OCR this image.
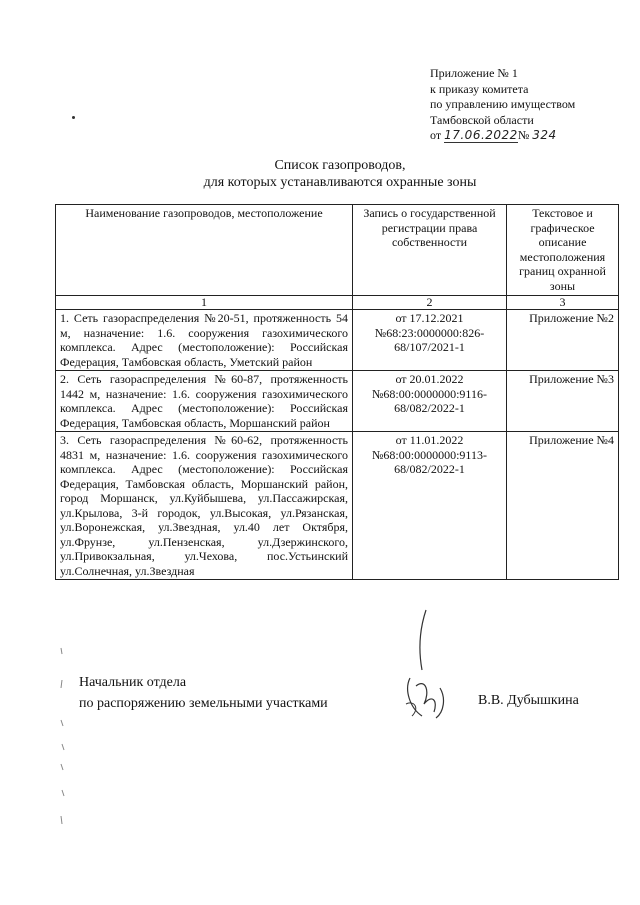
Приложение № 1
к приказу комитета
по управлению имуществом
Тамбовской области
от 17.06.2022№ 324
Список газопроводов,
для которых устанавливаются охранные зоны
Наименование газопроводов, местоположение	Запись о государственной регистрации права собственности	Текстовое и графическое описание местоположения границ охранной зоны
1	2	3
1. Сеть газораспределения №20-51, протяженность 54 м, назначение: 1.6. сооружения газохимического комплекса. Адрес (местоположение): Российская Федерация, Тамбовская область, Уметский район	от 17.12.2021 №68:23:0000000:826-68/107/2021-1	Приложение №2
2. Сеть газораспределения №60-87, протяженность 1442 м, назначение: 1.6. сооружения газохимического комплекса. Адрес (местоположение): Российская Федерация, Тамбовская область, Моршанский район	от 20.01.2022 №68:00:0000000:9116-68/082/2022-1	Приложение №3
3. Сеть газораспределения №60-62, протяженность 4831 м, назначение: 1.6. сооружения газохимического комплекса. Адрес (местоположение): Российская Федерация, Тамбовская область, Моршанский район, город Моршанск, ул.Куйбышева, ул.Пассажирская, ул.Крылова, 3-й городок, ул.Высокая, ул.Рязанская, ул.Воронежская, ул.Звездная, ул.40 лет Октября, ул.Фрунзе, ул.Пензенская, ул.Дзержинского, ул.Привокзальная, ул.Чехова, пос.Устьинский ул.Солнечная, ул.Звездная	от 11.01.2022 №68:00:0000000:9113-68/082/2022-1	Приложение №4
Начальник отдела
по распоряжению земельными участками	В.В. Дубышкина
